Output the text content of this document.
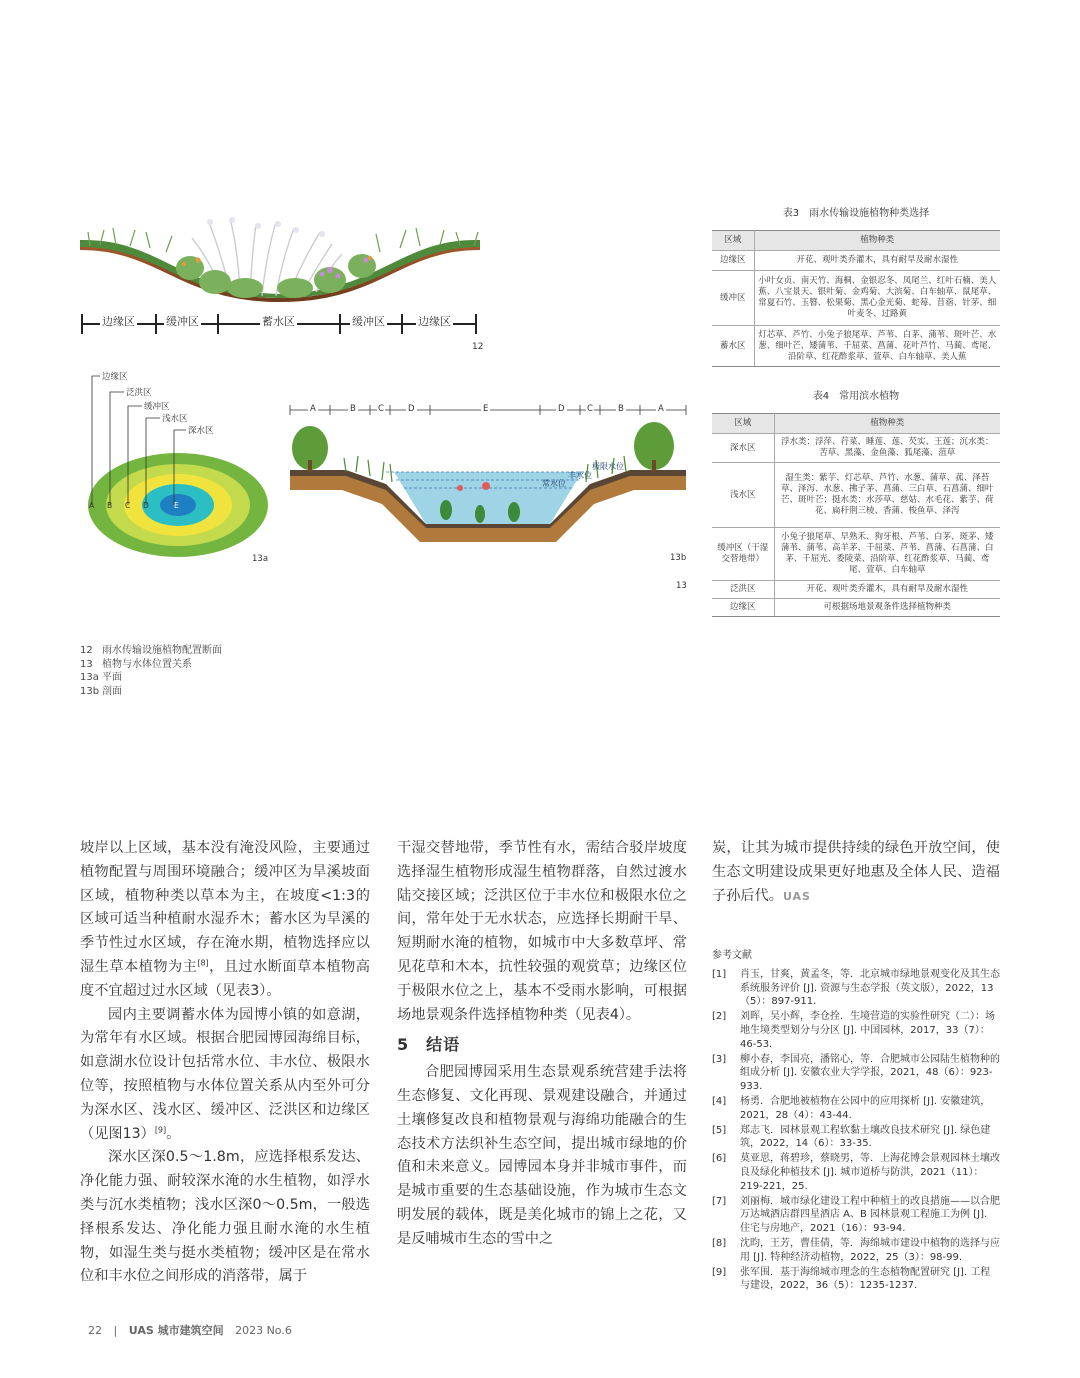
边缘区	缓冲区	蓄水区	缓冲区	边缘区
12
边缘区
泛洪区
缓冲区
浅水区
深水区
A B C D	E
13a
A	B	C	D	E	D	C	B	A
极限水位
丰水位
常水位
13b
13
表3　雨水传输设施植物种类选择
区域	植物种类
边缘区	开花、观叶类乔灌木，具有耐旱及耐水湿性
缓冲区	小叶女贞、南天竹、海桐、金银忍冬、凤尾兰、红叶石楠、美人蕉、八宝景天、银叶菊、金鸡菊、大滨菊、白车轴草、鼠尾草、常夏石竹、玉簪、松果菊、黑心金光菊、蛇莓、苜蓿、针茅、细叶麦冬、过路黄
蓄水区	灯芯草、芦竹、小兔子狼尾草、芦苇、白茅、蒲苇、斑叶芒、水葱、细叶芒、矮蒲苇、千屈菜、菖蒲、花叶芦竹、马蔺、鸢尾、沿阶草、红花酢浆草、萱草、白车轴草、美人蕉
表4　常用滨水植物
区域	植物种类
深水区	浮水类：浮萍、荇菜、睡莲、莲、芡实、王莲；沉水类：苦草、黑藻、金鱼藻、狐尾藻、菹草
浅水区	湿生类：紫芋、灯芯草、芦竹、水葱、蒲草、菰、泽苔草、泽泻、水葱、拂子茅、菖蒲、三白草、石菖蒲、细叶芒、斑叶芒；挺水类：水莎草、慈姑、水毛花、紫芋、荷花、扁秆荆三棱、香蒲、梭鱼草、泽泻
缓冲区（干湿交替地带）	小兔子狼尾草、早熟禾、狗牙根、芦苇、白茅、斑茅、矮蒲苇、蒲苇、高羊茅、千屈菜、芦苇、菖蒲、石菖蒲、白茅、千屈光、委陵菜、沿阶草、红花酢浆草、马蔺、鸢尾、萱草、白车轴草
泛洪区	开花、观叶类乔灌木，具有耐旱及耐水湿性
边缘区	可根据场地景观条件选择植物种类
12 雨水传输设施植物配置断面
13 植物与水体位置关系
13a 平面
13b 剖面

坡岸以上区域，基本没有淹没风险，主要通过植物配置与周围环境融合；缓冲区为旱溪坡面区域，植物种类以草本为主，在坡度<1:3的区域可适当种植耐水湿乔木；蓄水区为旱溪的季节性过水区域，存在淹水期，植物选择应以湿生草本植物为主[8]，且过水断面草本植物高度不宜超过过水区域（见表3）。

园内主要调蓄水体为园博小镇的如意湖，为常年有水区域。根据合肥园博园海绵目标，如意湖水位设计包括常水位、丰水位、极限水位等，按照植物与水体位置关系从内至外可分为深水区、浅水区、缓冲区、泛洪区和边缘区（见图13）[9]。

深水区深0.5～1.8m，应选择根系发达、净化能力强、耐较深水淹的水生植物，如浮水类与沉水类植物；浅水区深0～0.5m，一般选择根系发达、净化能力强且耐水淹的水生植物，如湿生类与挺水类植物；缓冲区是在常水位和丰水位之间形成的消落带，属于

干湿交替地带，季节性有水，需结合驳岸坡度选择湿生植物形成湿生植物群落，自然过渡水陆交接区域；泛洪区位于丰水位和极限水位之间，常年处于无水状态，应选择长期耐干旱、短期耐水淹的植物，如城市中大多数草坪、常见花草和木本，抗性较强的观赏草；边缘区位于极限水位之上，基本不受雨水影响，可根据场地景观条件选择植物种类（见表4）。

5　结语

合肥园博园采用生态景观系统营建手法将生态修复、文化再现、景观建设融合，并通过土壤修复改良和植物景观与海绵功能融合的生态技术方法织补生态空间，提出城市绿地的价值和未来意义。园博园本身并非城市事件，而是城市重要的生态基础设施，作为城市生态文明发展的载体，既是美化城市的锦上之花，又是反哺城市生态的雪中之

炭，让其为城市提供持续的绿色开放空间，使生态文明建设成果更好地惠及全体人民、造福子孙后代。UAS

参考文献
[1]	肖玉，甘爽，黄孟冬，等．北京城市绿地景观变化及其生态系统服务评价 [J]. 资源与生态学报（英文版），2022，13（5）：897-911.
[2]	刘晖，吴小辉，李仓拴．生境营造的实验性研究（二）：场地生境类型划分与分区 [J]. 中国园林，2017，33（7）：46-53.
[3]	柳小春，李国亮，潘铭心，等．合肥城市公园陆生植物种的组成分析 [J]. 安徽农业大学学报，2021，48（6）：923-933.
[4]	杨勇．合肥地被植物在公园中的应用探析 [J]. 安徽建筑，2021，28（4）：43-44.
[5]	郑志飞．园林景观工程软黏土壤改良技术研究 [J]. 绿色建筑，2022，14（6）：33-35.
[6]	莫亚思，蒋碧珍，蔡晓男，等．上海花博会景观园林土壤改良及绿化种植技术 [J]. 城市道桥与防洪，2021（11）：219-221，25.
[7]	刘丽梅．城市绿化建设工程中种植土的改良措施——以合肥万达城酒店群四星酒店 A、B 园林景观工程施工为例 [J]. 住宅与房地产，2021（16）：93-94.
[8]	沈昀，王芳，曹佳倩，等．海绵城市建设中植物的选择与应用 [J]. 特种经济动植物，2022，25（3）：98-99.
[9]	张军围．基于海绵城市理念的生态植物配置研究 [J]. 工程与建设，2022，36（5）：1235-1237.
22 | UAS 城市建筑空间 2023 No.6
